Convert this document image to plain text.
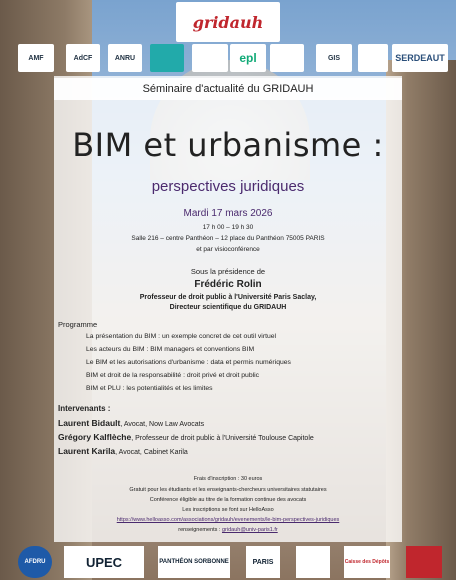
gridauh
AMF	AdCF	ANRU	epl	GIS	SERDEAUT
Séminaire d'actualité du GRIDAUH
BIM et urbanisme :
perspectives juridiques
Mardi 17 mars 2026
17 h 00 – 19 h 30
Salle 216 – centre Panthéon – 12 place du Panthéon 75005 PARIS
et par visioconférence
Sous la présidence de
Frédéric Rolin
Professeur de droit public à l'Université Paris Saclay,
Directeur scientifique du GRIDAUH
Programme
La présentation du BIM : un exemple concret de cet outil virtuel
Les acteurs du BIM : BIM managers et conventions BIM
Le BIM et les autorisations d'urbanisme : data et permis numériques
BIM et droit de la responsabilité : droit privé et droit public
BIM et PLU : les potentialités et les limites
Intervenants :
Laurent Bidault, Avocat, Now Law Avocats
Grégory Kalflèche, Professeur de droit public à l'Université Toulouse Capitole
Laurent Karila, Avocat, Cabinet Karila
Frais d'inscription : 30 euros
Gratuit pour les étudiants et les enseignants-chercheurs universitaires statutaires
Conférence éligible au titre de la formation continue des avocats
Les inscriptions se font sur HelloAsso
https://www.helloasso.com/associations/gridauh/evenements/le-bim-perspectives-juridiques
renseignements : gridauh@univ-paris1.fr
AFDRU	UPEC	PANTHÉON SORBONNE	PARIS	Caisse des Dépôts
